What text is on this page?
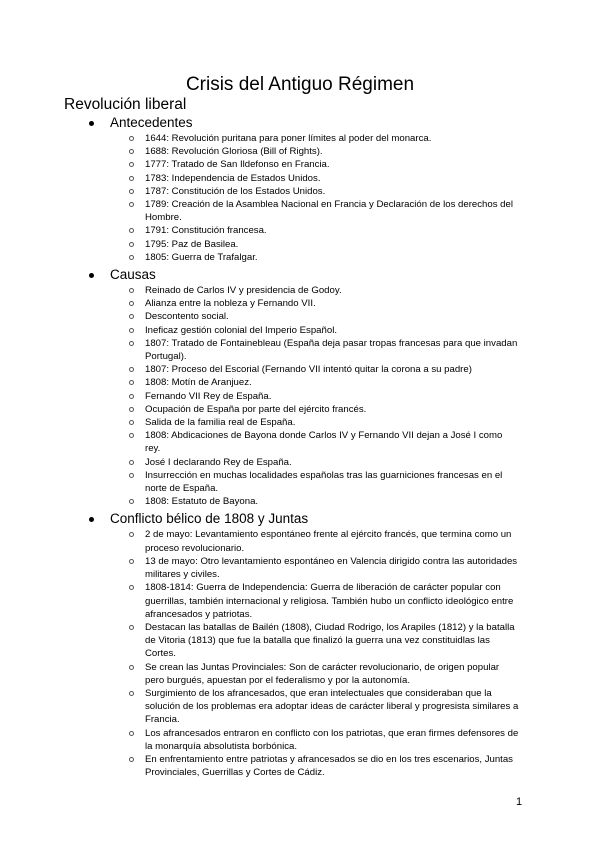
Crisis del Antiguo Régimen
Revolución liberal
Antecedentes
1644: Revolución puritana para poner límites al poder del monarca.
1688: Revolución Gloriosa (Bill of Rights).
1777: Tratado de San Ildefonso en Francia.
1783: Independencia de Estados Unidos.
1787: Constitución de los Estados Unidos.
1789: Creación de la Asamblea Nacional en Francia y Declaración de los derechos del Hombre.
1791: Constitución francesa.
1795: Paz de Basilea.
1805: Guerra de Trafalgar.
Causas
Reinado de Carlos IV y presidencia de Godoy.
Alianza entre la nobleza y Fernando VII.
Descontento social.
Ineficaz gestión colonial del Imperio Español.
1807: Tratado de Fontainebleau (España deja pasar tropas francesas para que invadan Portugal).
1807: Proceso del Escorial (Fernando VII intentó quitar la corona a su padre)
1808: Motín de Aranjuez.
Fernando VII Rey de España.
Ocupación de España por parte del ejército francés.
Salida de la familia real de España.
1808: Abdicaciones de Bayona donde Carlos IV y Fernando VII dejan a José I como rey.
José I declarando Rey de España.
Insurrección en muchas localidades españolas tras las guarniciones francesas en el norte de España.
1808: Estatuto de Bayona.
Conflicto bélico de 1808 y Juntas
2 de mayo: Levantamiento espontáneo frente al ejército francés, que termina como un proceso revolucionario.
13 de mayo: Otro levantamiento espontáneo en Valencia dirigido contra las autoridades militares y civiles.
1808-1814: Guerra de Independencia: Guerra de liberación de carácter popular con guerrillas, también internacional y religiosa. También hubo un conflicto ideológico entre afrancesados y patriotas.
Destacan las batallas de Bailén (1808), Ciudad Rodrigo, los Arapiles (1812) y la batalla de Vitoria (1813) que fue la batalla que finalizó la guerra una vez constituidlas las Cortes.
Se crean las Juntas Provinciales: Son de carácter revolucionario, de origen popular pero burgués, apuestan por el federalismo y por la autonomía.
Surgimiento de los afrancesados, que eran intelectuales que consideraban que la solución de los problemas era adoptar ideas de carácter liberal y progresista similares a Francia.
Los afrancesados entraron en conflicto con los patriotas, que eran firmes defensores de la monarquía absolutista borbónica.
En enfrentamiento entre patriotas y afrancesados se dio en los tres escenarios, Juntas Provinciales, Guerrillas y Cortes de Cádiz.
1
